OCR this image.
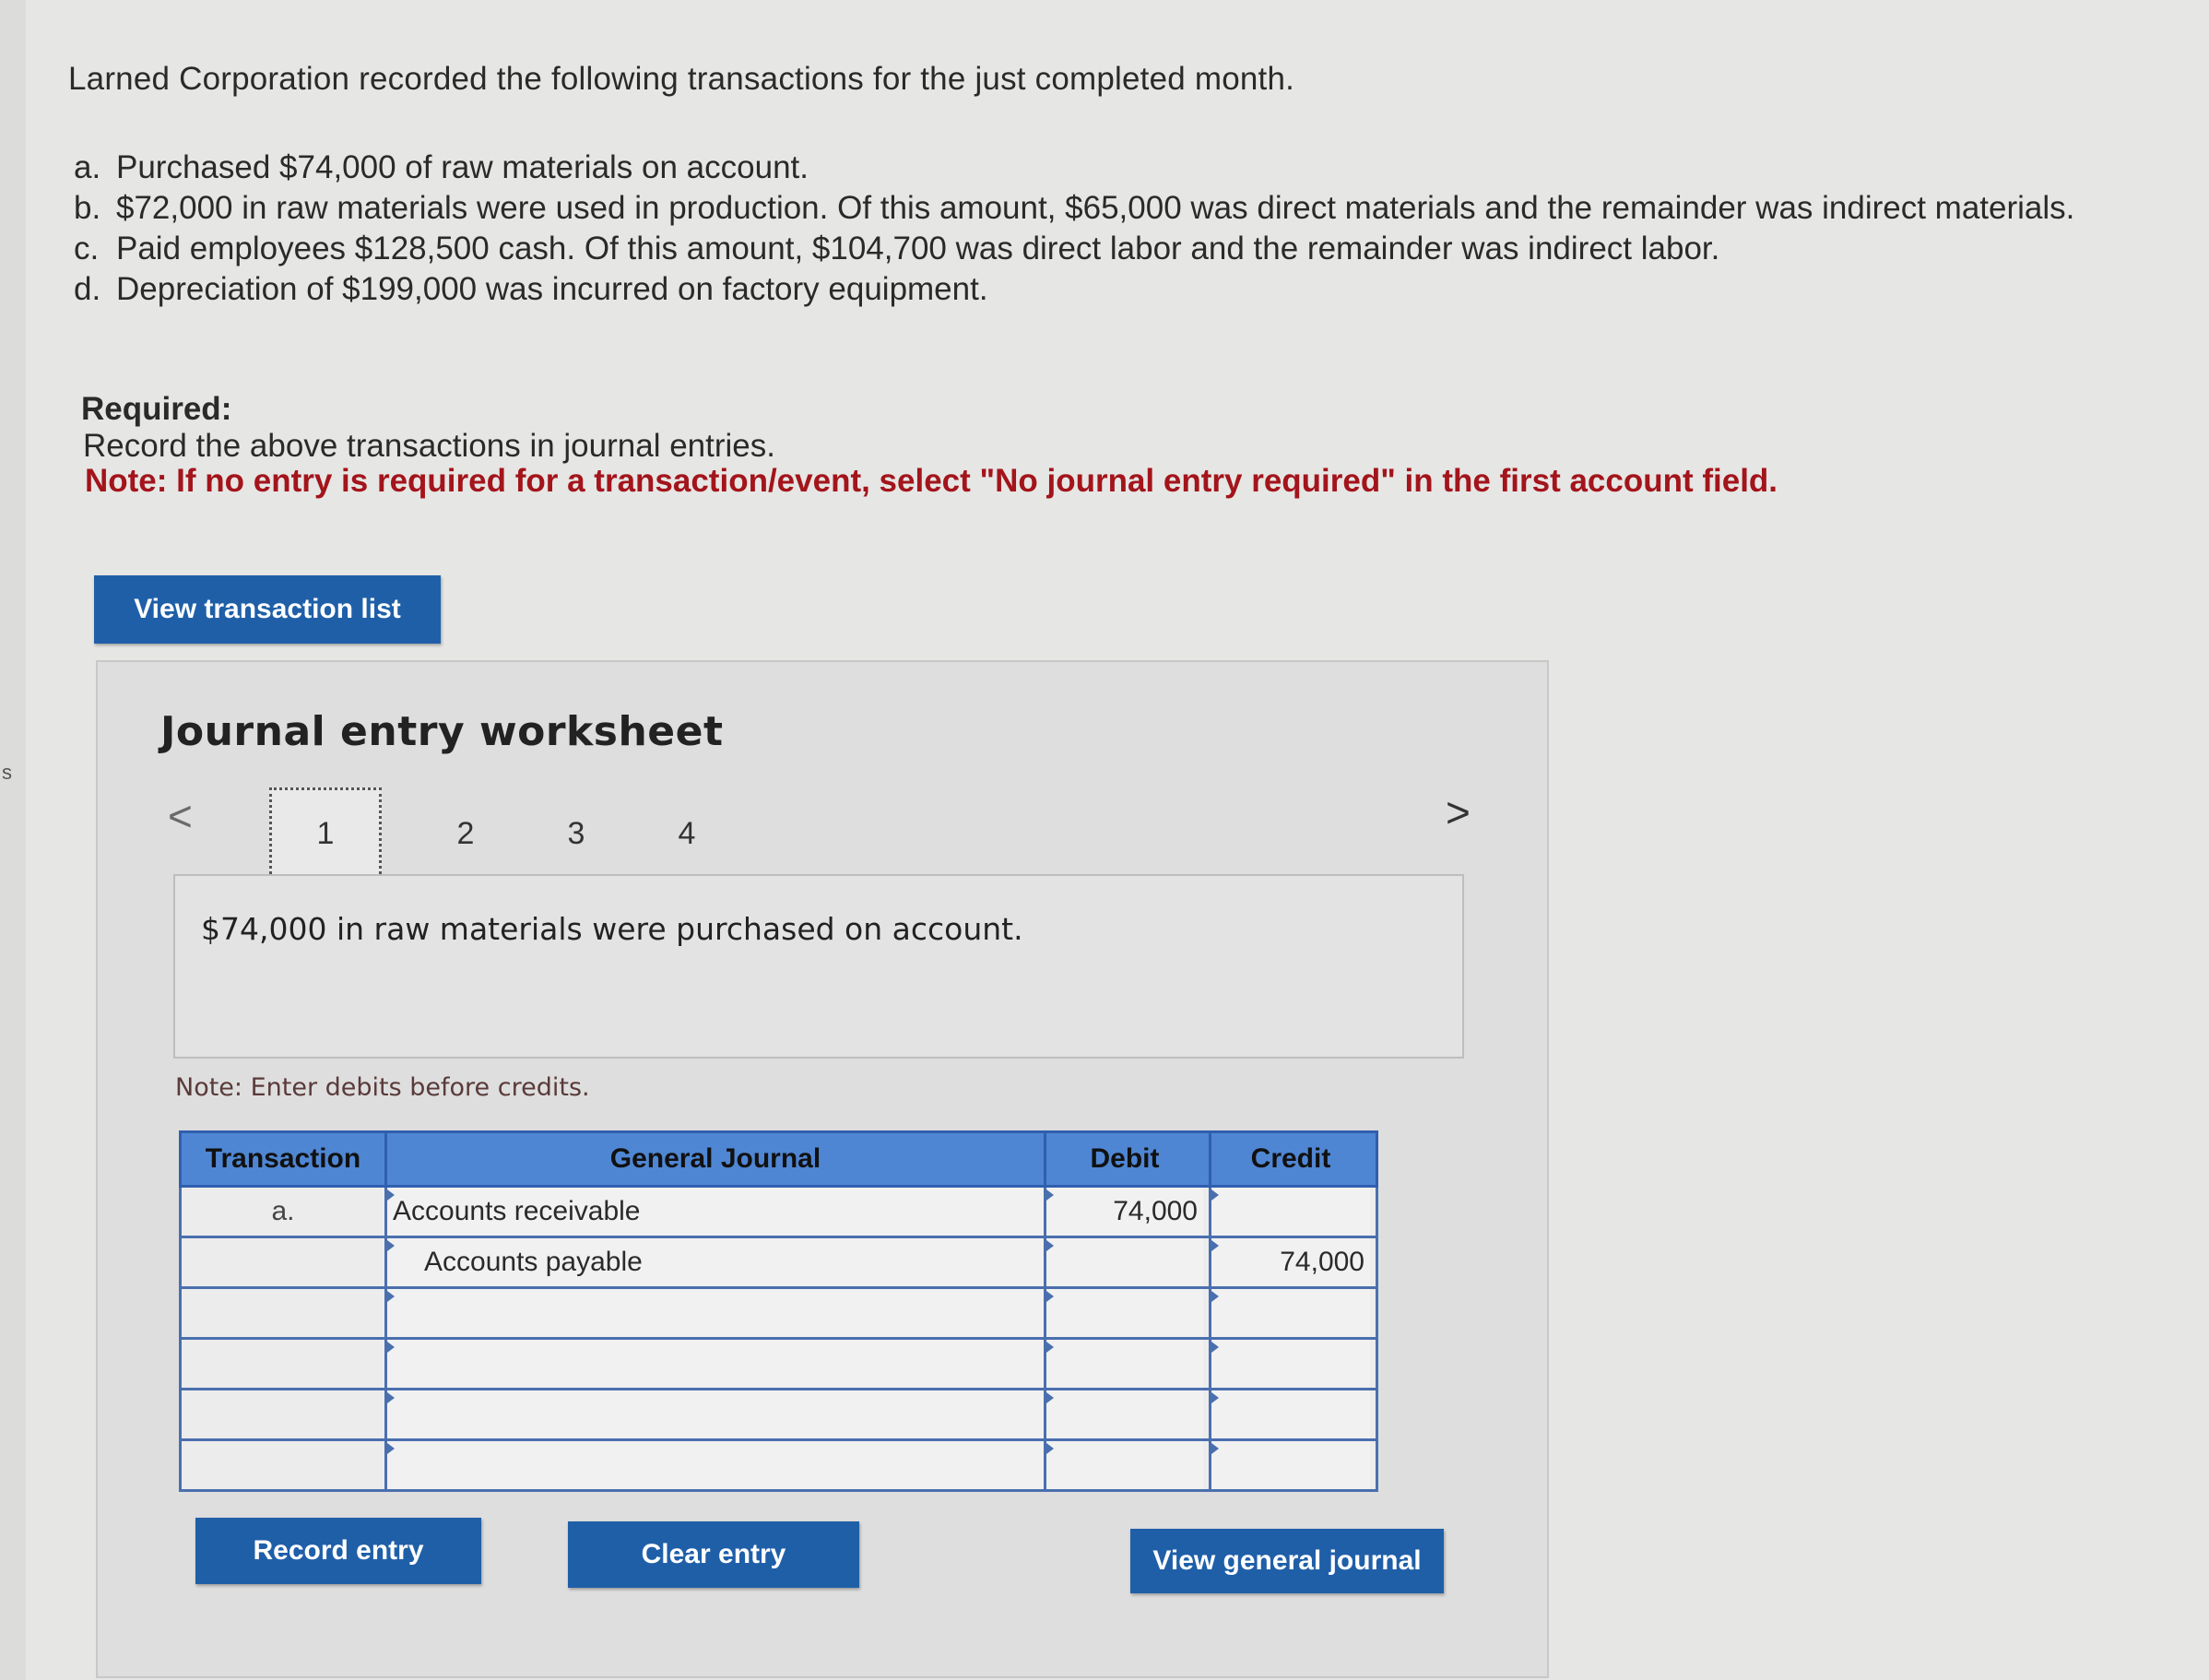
s
Larned Corporation recorded the following transactions for the just completed month.
a. Purchased $74,000 of raw materials on account.
b. $72,000 in raw materials were used in production. Of this amount, $65,000 was direct materials and the remainder was indirect materials.
c. Paid employees $128,500 cash. Of this amount, $104,700 was direct labor and the remainder was indirect labor.
d. Depreciation of $199,000 was incurred on factory equipment.
Required:
Record the above transactions in journal entries.
Note: If no entry is required for a transaction/event, select "No journal entry required" in the first account field.
View transaction list
Journal entry worksheet
<	1	2	3	4	>
$74,000 in raw materials were purchased on account.
Note: Enter debits before credits.
Transaction	General Journal	Debit	Credit
a.	Accounts receivable	74,000	

	Accounts payable		74,000

Record entry	Clear entry	View general journal
